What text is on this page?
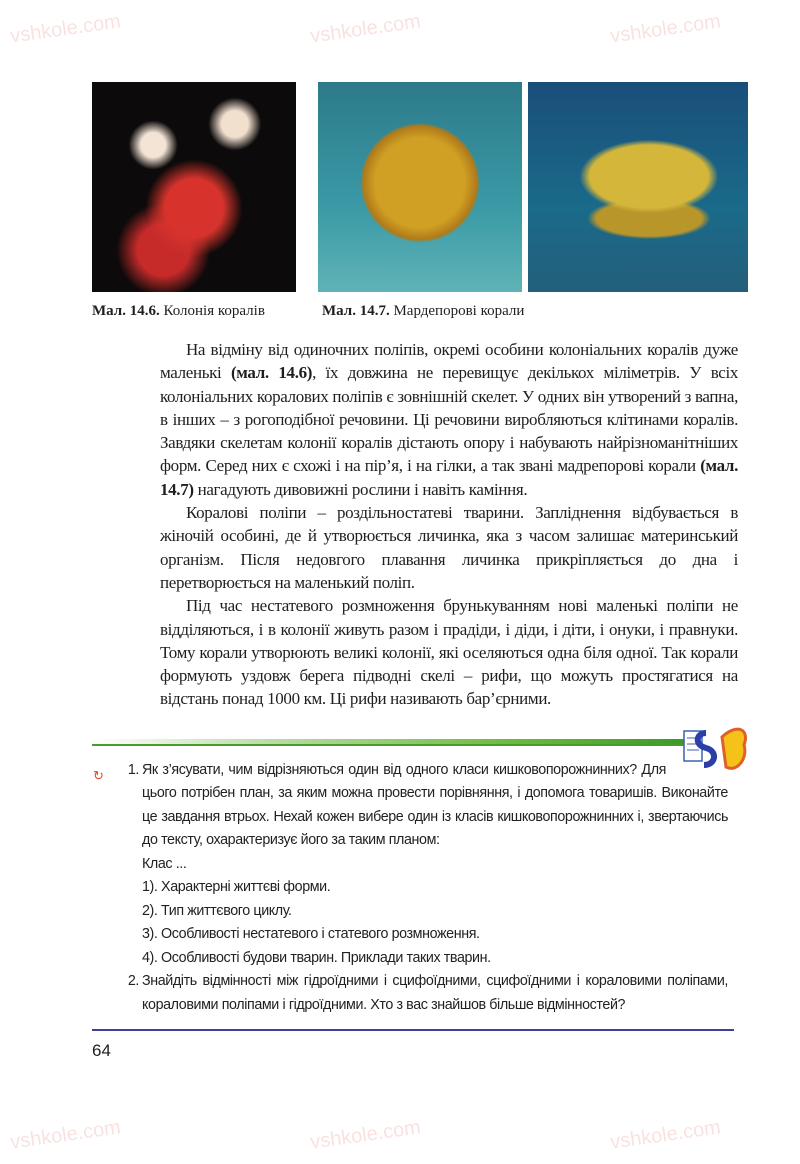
vshkole.com	vshkole.com	vshkole.com
vshkole.com	vshkole.com	vshkole.com
Мал. 14.6. Колонія коралів	Мал. 14.7. Мардепорові корали

На відміну від одиночних поліпів, окремі особини колоніальних коралів дуже маленькі (мал. 14.6), їх довжина не перевищує декількох міліметрів. У всіх колоніальних коралових поліпів є зовнішній скелет. У одних він утворений з вапна, в інших – з рогоподібної речовини. Ці речовини виробляються клітинами коралів. Завдяки скелетам колонії коралів дістають опору і набувають найрізноманітніших форм. Серед них є схожі і на пір’я, і на гілки, а так звані мадрепорові корали (мал. 14.7) нагадують дивовижні рослини і навіть каміння.

Коралові поліпи – роздільностатеві тварини. Запліднення відбувається в жіночій особині, де й утворюється личинка, яка з часом залишає материнський організм. Після недовгого плавання личинка прикріпляється до дна і перетворюється на маленький поліп.

Під час нестатевого розмноження брунькуванням нові маленькі поліпи не відділяються, і в колонії живуть разом і прадіди, і діди, і діти, і онуки, і правнуки. Тому корали утворюють великі колонії, які оселяються одна біля одної. Так корали формують уздовж берега підводні скелі – рифи, що можуть простягатися на відстань понад 1000 км. Ці рифи називають бар’єрними.

↻	1. Як з’ясувати, чим відрізняються один від одного класи кишковопорожнинних? Для цього потрібен план, за яким можна провести порівняння, і допомога товаришів. Виконайте це завдання втрьох. Нехай кожен вибере один із класів кишковопорожнинних і, звертаючись до тексту, охарактеризує його за таким планом:
Клас ...
1). Характерні життєві форми.
2). Тип життєвого циклу.
3). Особливості нестатевого і статевого розмноження.
4). Особливості будови тварин. Приклади таких тварин.
2. Знайдіть відмінності між гідроїдними і сцифоїдними, сцифоїдними і кораловими поліпами, кораловими поліпами і гідроїдними. Хто з вас знайшов більше відмінностей?
64
